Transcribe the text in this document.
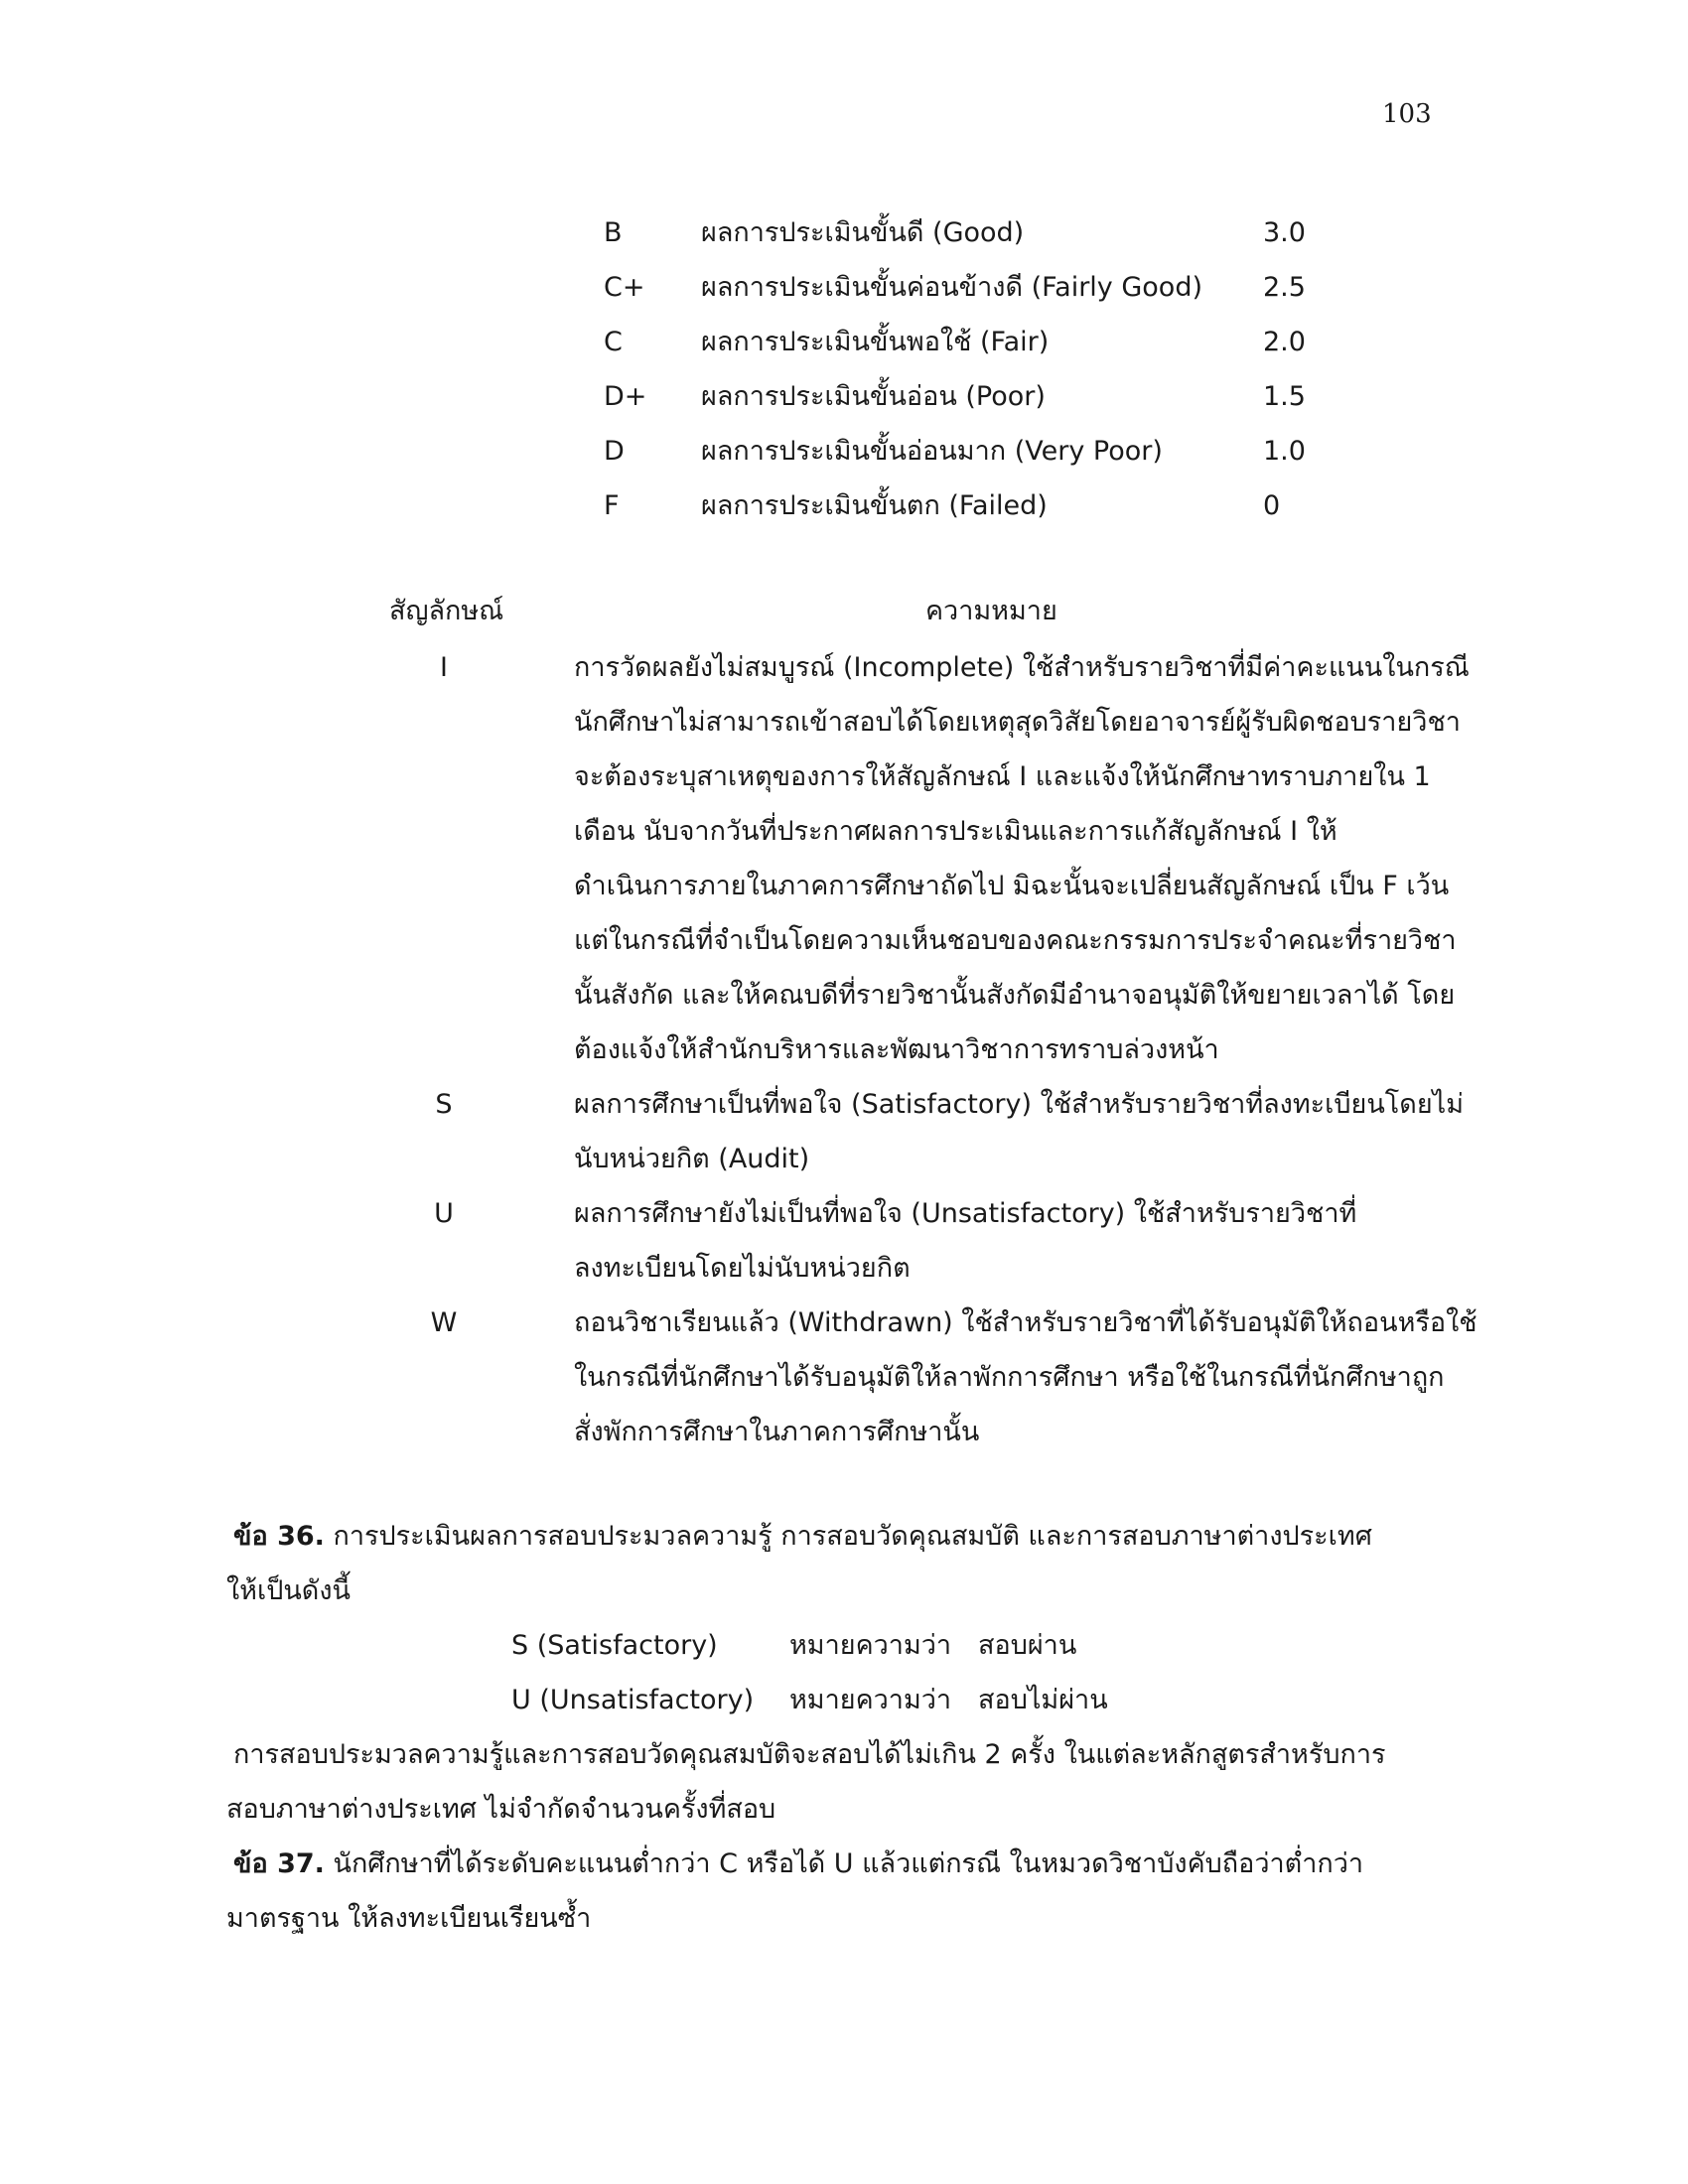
103
B	ผลการประเมินขั้นดี (Good)	3.0
C+ ผลการประเมินขั้นค่อนข้างดี (Fairly Good) 2.5
C	ผลการประเมินขั้นพอใช้ (Fair)	2.0
D+ ผลการประเมินขั้นอ่อน (Poor)	1.5
D	ผลการประเมินขั้นอ่อนมาก (Very Poor)	1.0
F	ผลการประเมินขั้นตก (Failed)	0
สัญลักษณ์	ความหมาย
I	การวัดผลยังไม่สมบูรณ์ (Incomplete) ใช้สำหรับรายวิชาที่มีค่าคะแนนในกรณี
นักศึกษาไม่สามารถเข้าสอบได้โดยเหตุสุดวิสัยโดยอาจารย์ผู้รับผิดชอบรายวิชา
จะต้องระบุสาเหตุของการให้สัญลักษณ์ I และแจ้งให้นักศึกษาทราบภายใน 1
เดือน นับจากวันที่ประกาศผลการประเมินและการแก้สัญลักษณ์ I ให้
ดำเนินการภายในภาคการศึกษาถัดไป มิฉะนั้นจะเปลี่ยนสัญลักษณ์ เป็น F เว้น
แต่ในกรณีที่จำเป็นโดยความเห็นชอบของคณะกรรมการประจำคณะที่รายวิชา
นั้นสังกัด และให้คณบดีที่รายวิชานั้นสังกัดมีอำนาจอนุมัติให้ขยายเวลาได้ โดย
ต้องแจ้งให้สำนักบริหารและพัฒนาวิชาการทราบล่วงหน้า
S	ผลการศึกษาเป็นที่พอใจ (Satisfactory) ใช้สำหรับรายวิชาที่ลงทะเบียนโดยไม่
นับหน่วยกิต (Audit)
U	ผลการศึกษายังไม่เป็นที่พอใจ (Unsatisfactory) ใช้สำหรับรายวิชาที่
ลงทะเบียนโดยไม่นับหน่วยกิต
W	ถอนวิชาเรียนแล้ว (Withdrawn) ใช้สำหรับรายวิชาที่ได้รับอนุมัติให้ถอนหรือใช้
ในกรณีที่นักศึกษาได้รับอนุมัติให้ลาพักการศึกษา หรือใช้ในกรณีที่นักศึกษาถูก
สั่งพักการศึกษาในภาคการศึกษานั้น
ข้อ 36. การประเมินผลการสอบประมวลความรู้ การสอบวัดคุณสมบัติ และการสอบภาษาต่างประเทศ
ให้เป็นดังนี้
S (Satisfactory)	หมายความว่า สอบผ่าน
U (Unsatisfactory) หมายความว่า สอบไม่ผ่าน
การสอบประมวลความรู้และการสอบวัดคุณสมบัติจะสอบได้ไม่เกิน 2 ครั้ง ในแต่ละหลักสูตรสำหรับการ
สอบภาษาต่างประเทศ ไม่จำกัดจำนวนครั้งที่สอบ
ข้อ 37. นักศึกษาที่ได้ระดับคะแนนต่ำกว่า C หรือได้ U แล้วแต่กรณี ในหมวดวิชาบังคับถือว่าต่ำกว่า
มาตรฐาน ให้ลงทะเบียนเรียนซ้ำ
